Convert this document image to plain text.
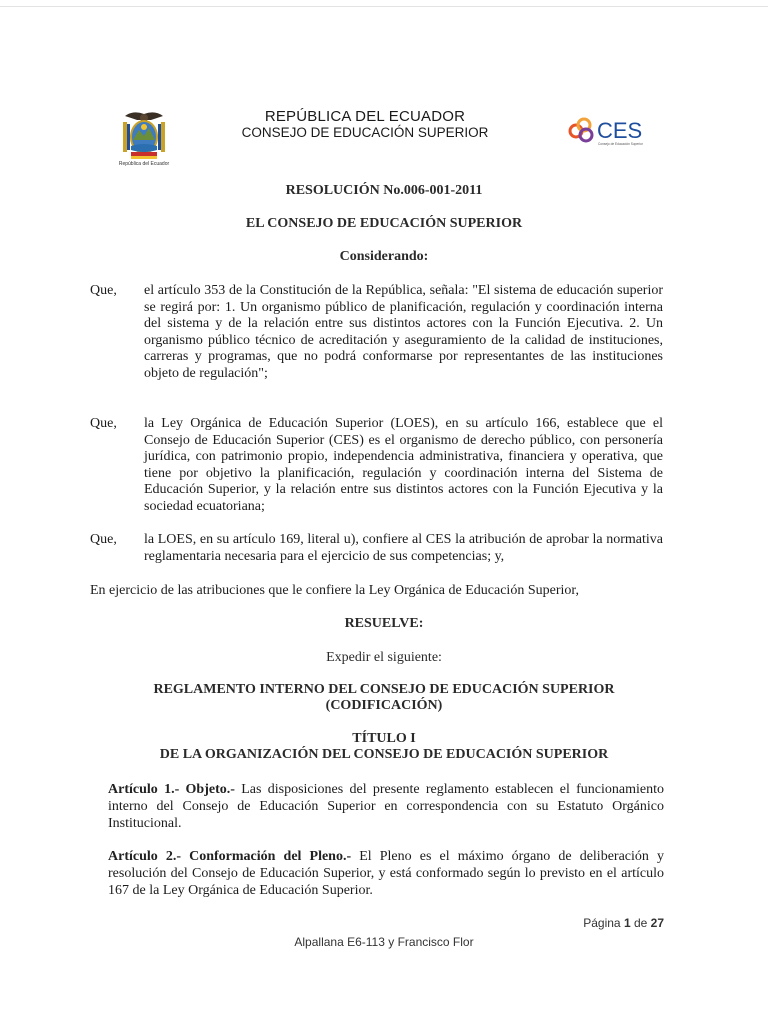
República del Ecuador
REPÚBLICA DEL ECUADOR
CONSEJO DE EDUCACIÓN SUPERIOR	CES
Consejo de Educación Superior
RESOLUCIÓN No.006-001-2011
EL CONSEJO DE EDUCACIÓN SUPERIOR
Considerando:
Que, el artículo 353 de la Constitución de la República, señala: "El sistema de educación superior se regirá por: 1. Un organismo público de planificación, regulación y coordinación interna del sistema y de la relación entre sus distintos actores con la Función Ejecutiva. 2. Un organismo público técnico de acreditación y aseguramiento de la calidad de instituciones, carreras y programas, que no podrá conformarse por representantes de las instituciones objeto de regulación";
Que, la Ley Orgánica de Educación Superior (LOES), en su artículo 166, establece que el Consejo de Educación Superior (CES) es el organismo de derecho público, con personería jurídica, con patrimonio propio, independencia administrativa, financiera y operativa, que tiene por objetivo la planificación, regulación y coordinación interna del Sistema de Educación Superior, y la relación entre sus distintos actores con la Función Ejecutiva y la sociedad ecuatoriana;
Que, la LOES, en su artículo 169, literal u), confiere al CES la atribución de aprobar la normativa reglamentaria necesaria para el ejercicio de sus competencias; y,
En ejercicio de las atribuciones que le confiere la Ley Orgánica de Educación Superior,
RESUELVE:
Expedir el siguiente:
REGLAMENTO INTERNO DEL CONSEJO DE EDUCACIÓN SUPERIOR
(CODIFICACIÓN)
TÍTULO I
DE LA ORGANIZACIÓN DEL CONSEJO DE EDUCACIÓN SUPERIOR
Artículo 1.- Objeto.- Las disposiciones del presente reglamento establecen el funcionamiento interno del Consejo de Educación Superior en correspondencia con su Estatuto Orgánico Institucional.
Artículo 2.- Conformación del Pleno.- El Pleno es el máximo órgano de deliberación y resolución del Consejo de Educación Superior, y está conformado según lo previsto en el artículo 167 de la Ley Orgánica de Educación Superior.
Página 1 de 27
Alpallana E6-113 y Francisco Flor
